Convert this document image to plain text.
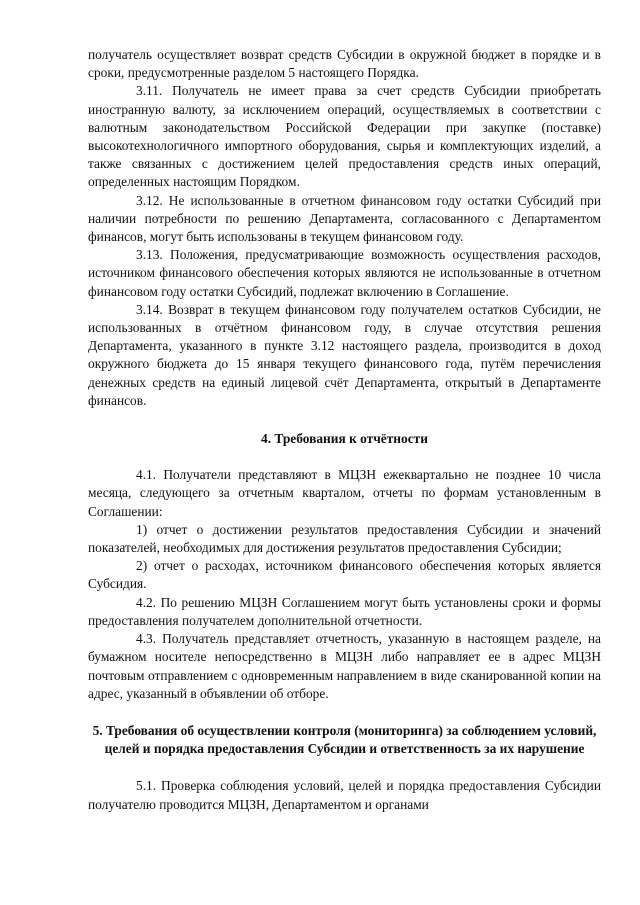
получатель осуществляет возврат средств Субсидии в окружной бюджет в порядке и в сроки, предусмотренные разделом 5 настоящего Порядка.

3.11. Получатель не имеет права за счет средств Субсидии приобретать иностранную валюту, за исключением операций, осуществляемых в соответствии с валютным законодательством Российской Федерации при закупке (поставке) высокотехнологичного импортного оборудования, сырья и комплектующих изделий, а также связанных с достижением целей предоставления средств иных операций, определенных настоящим Порядком.

3.12. Не использованные в отчетном финансовом году остатки Субсидий при наличии потребности по решению Департамента, согласованного с Департаментом финансов, могут быть использованы в текущем финансовом году.

3.13. Положения, предусматривающие возможность осуществления расходов, источником финансового обеспечения которых являются не использованные в отчетном финансовом году остатки Субсидий, подлежат включению в Соглашение.

3.14. Возврат в текущем финансовом году получателем остатков Субсидии, не использованных в отчётном финансовом году, в случае отсутствия решения Департамента, указанного в пункте 3.12 настоящего раздела, производится в доход окружного бюджета до 15 января текущего финансового года, путём перечисления денежных средств на единый лицевой счёт Департамента, открытый в Департаменте финансов.

4. Требования к отчётности

4.1. Получатели представляют в МЦЗН ежеквартально не позднее 10 числа месяца, следующего за отчетным кварталом, отчеты по формам установленным в Соглашении:

1) отчет о достижении результатов предоставления Субсидии и значений показателей, необходимых для достижения результатов предоставления Субсидии;

2) отчет о расходах, источником финансового обеспечения которых является Субсидия.

4.2. По решению МЦЗН Соглашением могут быть установлены сроки и формы предоставления получателем дополнительной отчетности.

4.3. Получатель представляет отчетность, указанную в настоящем разделе, на бумажном носителе непосредственно в МЦЗН либо направляет ее в адрес МЦЗН почтовым отправлением с одновременным направлением в виде сканированной копии на адрес, указанный в объявлении об отборе.

5. Требования об осуществлении контроля (мониторинга) за соблюдением условий, целей и порядка предоставления Субсидии и ответственность за их нарушение

5.1. Проверка соблюдения условий, целей и порядка предоставления Субсидии получателю проводится МЦЗН, Департаментом и органами
